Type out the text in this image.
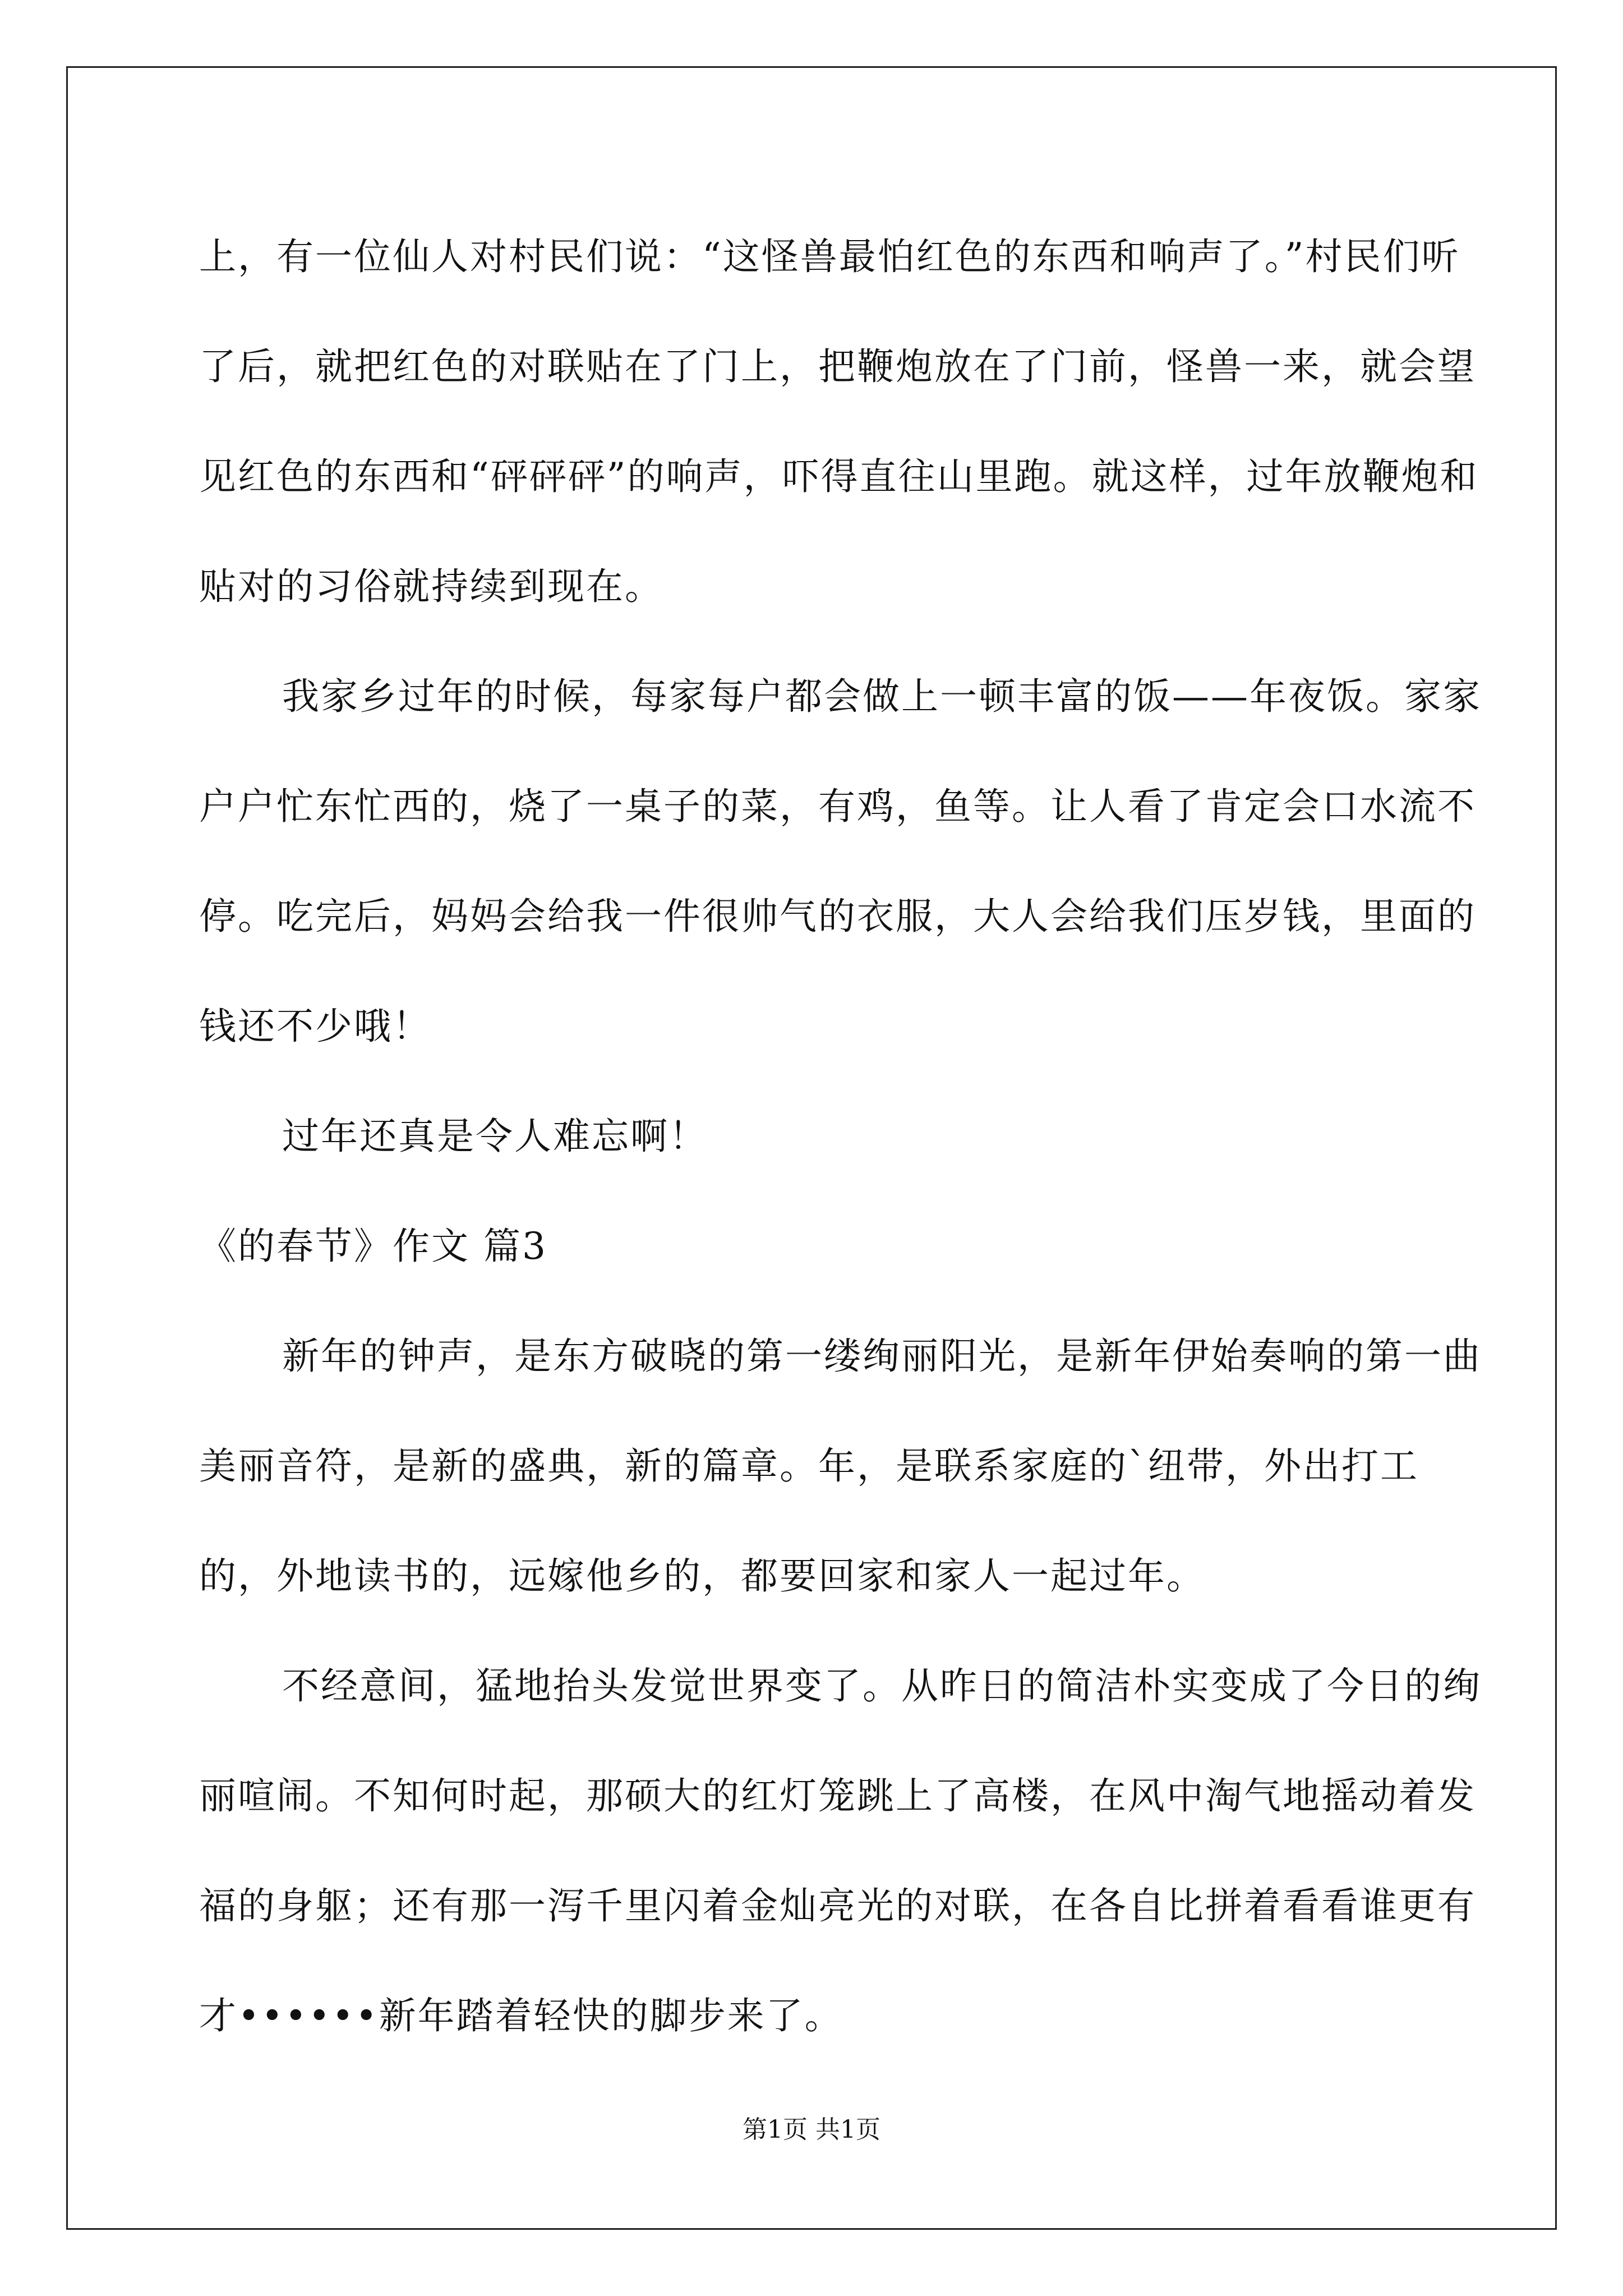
上，有一位仙人对村民们说：“这怪兽最怕红色的东西和响声了。”村民们听了后，就把红色的对联贴在了门上，把鞭炮放在了门前，怪兽一来，就会望见红色的东西和“砰砰砰”的响声，吓得直往山里跑。就这样，过年放鞭炮和贴对的习俗就持续到现在。

我家乡过年的时候，每家每户都会做上一顿丰富的饭——年夜饭。家家户户忙东忙西的，烧了一桌子的菜，有鸡，鱼等。让人看了肯定会口水流不停。吃完后，妈妈会给我一件很帅气的衣服，大人会给我们压岁钱，里面的钱还不少哦！

过年还真是令人难忘啊！

《的春节》作文 篇3

新年的钟声，是东方破晓的第一缕绚丽阳光，是新年伊始奏响的第一曲美丽音符，是新的盛典，新的篇章。年，是联系家庭的`纽带，外出打工的，外地读书的，远嫁他乡的，都要回家和家人一起过年。

不经意间，猛地抬头发觉世界变了。从昨日的简洁朴实变成了今日的绚丽喧闹。不知何时起，那硕大的红灯笼跳上了高楼，在风中淘气地摇动着发福的身躯；还有那一泻千里闪着金灿亮光的对联，在各自比拼着看看谁更有才••••••新年踏着轻快的脚步来了。

第1页 共1页
